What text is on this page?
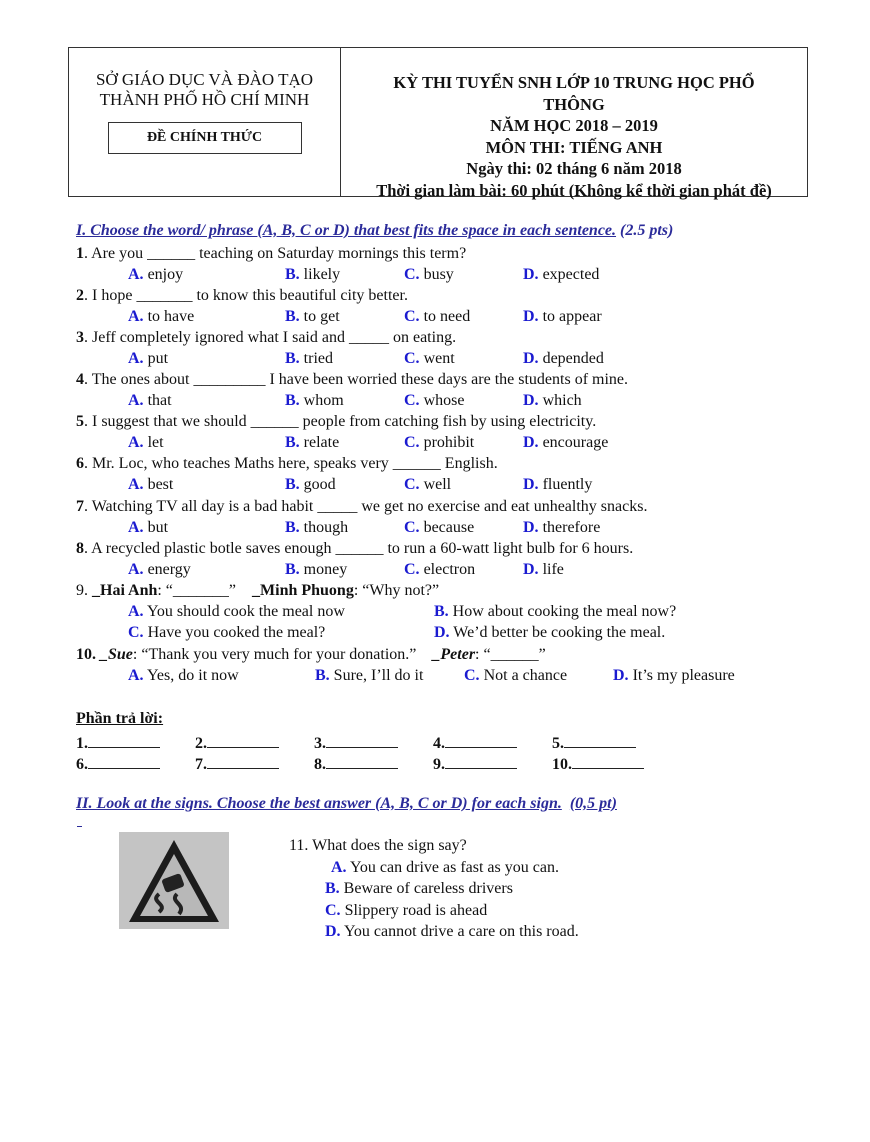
SỞ GIÁO DỤC VÀ ĐÀO TẠO
THÀNH PHỐ HỒ CHÍ MINH
ĐỀ CHÍNH THỨC
KỲ THI TUYỂN SNH LỚP 10 TRUNG HỌC PHỔ
THÔNG
NĂM HỌC 2018 – 2019
MÔN THI: TIẾNG ANH
Ngày thi: 02 tháng 6 năm 2018
Thời gian làm bài: 60 phút (Không kể thời gian phát đề)
I. Choose the word/ phrase (A, B, C or D) that best fits the space in each sentence. (2.5 pts)
1. Are you ______ teaching on Saturday mornings this term?
A. enjoy	B. likely	C. busy	D. expected
2. I hope _______ to know this beautiful city better.
A. to have	B. to get	C. to need	D. to appear
3. Jeff completely ignored what I said and _____ on eating.
A. put	B. tried	C. went	D. depended
4. The ones about _________ I have been worried these days are the students of mine.
A. that	B. whom	C. whose	D. which
5. I suggest that we should ______ people from catching fish by using electricity.
A. let	B. relate	C. prohibit	D. encourage
6. Mr. Loc, who teaches Maths here, speaks very ______ English.
A. best	B. good	C. well	D. fluently
7. Watching TV all day is a bad habit _____ we get no exercise and eat unhealthy snacks.
A. but	B. though	C. because	D. therefore
8. A recycled plastic botle saves enough ______ to run a 60-watt light bulb for 6 hours.
A. energy	B. money	C. electron	D. life
9. _Hai Anh: “_______”    _Minh Phuong: “Why not?”
A. You should cook the meal now	B. How about cooking the meal now?
C. Have you cooked the meal?	D. We’d better be cooking the meal.
10. _Sue: “Thank you very much for your donation.”    _Peter: “______”
A. Yes, do it now	B. Sure, I’ll do it	C. Not a chance	D. It’s my pleasure
Phần trả lời:
1.	2.	3.	4.	5.
6.	7.	8.	9.	10.
II. Look at the signs. Choose the best answer (A, B, C or D) for each sign. (0,5 pt)
11. What does the sign say?
A. You can drive as fast as you can.
B. Beware of careless drivers
C. Slippery road is ahead
D. You cannot drive a care on this road.
